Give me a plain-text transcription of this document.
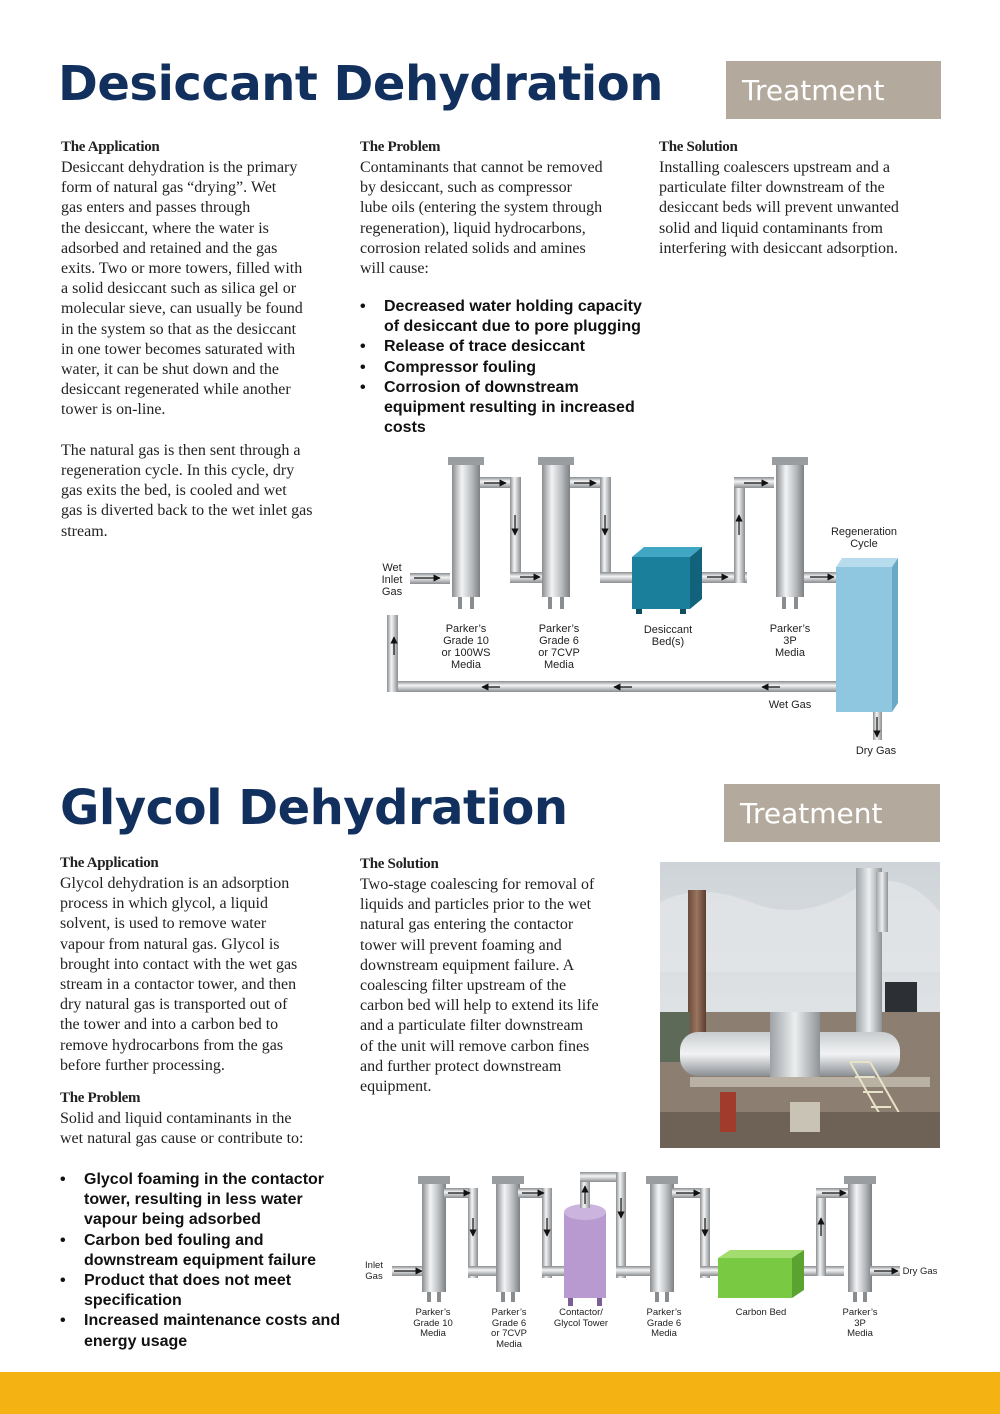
Desiccant Dehydration	Treatment
The Application
Desiccant dehydration is the primary
form of natural gas “drying”. Wet
gas enters and passes through
the desiccant, where the water is
adsorbed and retained and the gas
exits. Two or more towers, filled with
a solid desiccant such as silica gel or
molecular sieve, can usually be found
in the system so that as the desiccant
in one tower becomes saturated with
water, it can be shut down and the
desiccant regenerated while another
tower is on-line.

The natural gas is then sent through a
regeneration cycle. In this cycle, dry
gas exits the bed, is cooled and wet
gas is diverted back to the wet inlet gas
stream.
The Problem
Contaminants that cannot be removed
by desiccant, such as compressor
lube oils (entering the system through
regeneration), liquid hydrocarbons,
corrosion related solids and amines
will cause:
• Decreased water holding capacity of desiccant due to pore plugging
• Release of trace desiccant
• Compressor fouling
• Corrosion of downstream equipment resulting in increased costs
The Solution
Installing coalescers upstream and a
particulate filter downstream of the
desiccant beds will prevent unwanted
solid and liquid contaminants from
interfering with desiccant adsorption.
Wet
Inlet
Gas
Parker’s
Grade 10
or 100WS
Media
Parker’s
Grade 6
or 7CVP
Media
Desiccant
Bed(s)
Parker’s
3P
Media
Regeneration
Cycle
Wet Gas
Dry Gas
Glycol Dehydration	Treatment
The Application
Glycol dehydration is an adsorption
process in which glycol, a liquid
solvent, is used to remove water
vapour from natural gas. Glycol is
brought into contact with the wet gas
stream in a contactor tower, and then
dry natural gas is transported out of
the tower and into a carbon bed to
remove hydrocarbons from the gas
before further processing.
The Problem
Solid and liquid contaminants in the
wet natural gas cause or contribute to:
• Glycol foaming in the contactor tower, resulting in less water vapour being adsorbed
• Carbon bed fouling and downstream equipment failure
• Product that does not meet specification
• Increased maintenance costs and energy usage
The Solution
Two-stage coalescing for removal of
liquids and particles prior to the wet
natural gas entering the contactor
tower will prevent foaming and
downstream equipment failure. A
coalescing filter upstream of the
carbon bed will help to extend its life
and a particulate filter downstream
of the unit will remove carbon fines
and further protect downstream
equipment.
Inlet
Gas
Parker’s
Grade 10
Media
Parker’s
Grade 6
or 7CVP
Media
Contactor/
Glycol Tower
Parker’s
Grade 6
Media
Carbon Bed	Parker’s
3P
Media
Dry Gas
